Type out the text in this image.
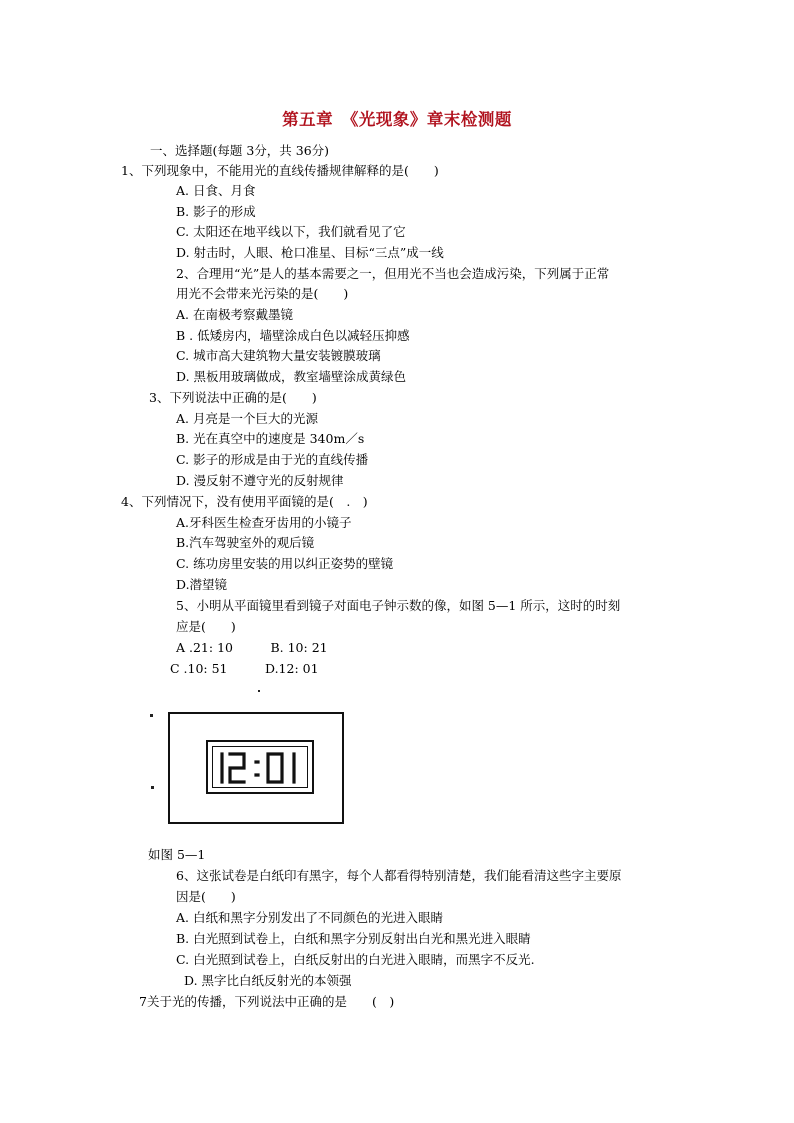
第五章　《光现象》章末检测题
一、选择题(每题 3分，共 36分)
1、下列现象中，不能用光的直线传播规律解释的是(　　)
A. 日食、月食
B. 影子的形成
C. 太阳还在地平线以下，我们就看见了它
D. 射击时，人眼、枪口准星、目标“三点”成一线
2、合理用“光”是人的基本需要之一，但用光不当也会造成污染，下列属于正常
用光不会带来光污染的是(　　)
A. 在南极考察戴墨镜
B . 低矮房内，墙壁涂成白色以减轻压抑感
C. 城市高大建筑物大量安装镀膜玻璃
D. 黑板用玻璃做成，教室墙壁涂成黄绿色
3、下列说法中正确的是(　　)
A. 月亮是一个巨大的光源
B. 光在真空中的速度是 340m／s
C. 影子的形成是由于光的直线传播
D. 漫反射不遵守光的反射规律
4、下列情况下，没有使用平面镜的是(　.　)
A.牙科医生检查牙齿用的小镜子
B.汽车驾驶室外的观后镜
C. 练功房里安装的用以纠正姿势的壁镜
D.潜望镜
5、小明从平面镜里看到镜子对面电子钟示数的像，如图 5—1 所示，这时的时刻
应是(　　)
A .21: 10　　　B. 10: 21
C .10: 51　　　D.12: 01
如图 5—1
6、这张试卷是白纸印有黑字，每个人都看得特别清楚，我们能看清这些字主要原
因是(　　)
A. 白纸和黑字分别发出了不同颜色的光进入眼睛
B. 白光照到试卷上，白纸和黑字分别反射出白光和黑光进入眼睛
C. 白光照到试卷上，白纸反射出的白光进入眼睛，而黑字不反光.
D. 黑字比白纸反射光的本领强
7关于光的传播，下列说法中正确的是　　(　)
